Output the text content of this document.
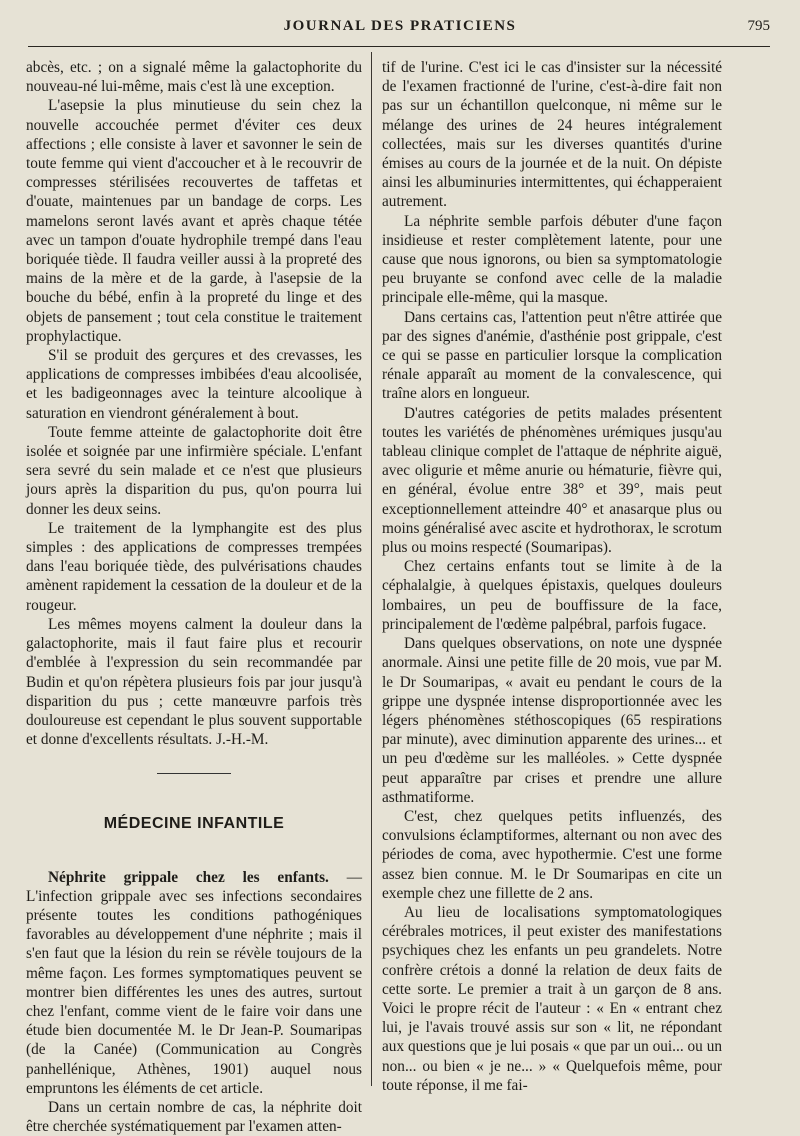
JOURNAL DES PRATICIENS	795

abcès, etc. ; on a signalé même la galactophorite du nouveau-né lui-même, mais c'est là une exception.

L'asepsie la plus minutieuse du sein chez la nouvelle accouchée permet d'éviter ces deux affections ; elle consiste à laver et savonner le sein de toute femme qui vient d'accoucher et à le recouvrir de compresses stérilisées recouvertes de taffetas et d'ouate, maintenues par un bandage de corps. Les mamelons seront lavés avant et après chaque tétée avec un tampon d'ouate hydrophile trempé dans l'eau boriquée tiède. Il faudra veiller aussi à la propreté des mains de la mère et de la garde, à l'asepsie de la bouche du bébé, enfin à la propreté du linge et des objets de pansement ; tout cela constitue le traitement prophylactique.

S'il se produit des gerçures et des crevasses, les applications de compresses imbibées d'eau alcoolisée, et les badigeonnages avec la teinture alcoolique à saturation en viendront généralement à bout.

Toute femme atteinte de galactophorite doit être isolée et soignée par une infirmière spéciale. L'enfant sera sevré du sein malade et ce n'est que plusieurs jours après la disparition du pus, qu'on pourra lui donner les deux seins.

Le traitement de la lymphangite est des plus simples : des applications de compresses trempées dans l'eau boriquée tiède, des pulvérisations chaudes amènent rapidement la cessation de la douleur et de la rougeur.

Les mêmes moyens calment la douleur dans la galactophorite, mais il faut faire plus et recourir d'emblée à l'expression du sein recommandée par Budin et qu'on répètera plusieurs fois par jour jusqu'à disparition du pus ; cette manœuvre parfois très douloureuse est cependant le plus souvent supportable et donne d'excellents résultats. J.-H.-M.

MÉDECINE INFANTILE

Néphrite grippale chez les enfants. — L'infection grippale avec ses infections secondaires présente toutes les conditions pathogéniques favorables au développement d'une néphrite ; mais il s'en faut que la lésion du rein se révèle toujours de la même façon. Les formes symptomatiques peuvent se montrer bien différentes les unes des autres, surtout chez l'enfant, comme vient de le faire voir dans une étude bien documentée M. le Dr Jean-P. Soumaripas (de la Canée) (Communication au Congrès panhellénique, Athènes, 1901) auquel nous empruntons les éléments de cet article.

Dans un certain nombre de cas, la néphrite doit être cherchée systématiquement par l'examen atten-

tif de l'urine. C'est ici le cas d'insister sur la nécessité de l'examen fractionné de l'urine, c'est-à-dire fait non pas sur un échantillon quelconque, ni même sur le mélange des urines de 24 heures intégralement collectées, mais sur les diverses quantités d'urine émises au cours de la journée et de la nuit. On dépiste ainsi les albuminuries intermittentes, qui échapperaient autrement.

La néphrite semble parfois débuter d'une façon insidieuse et rester complètement latente, pour une cause que nous ignorons, ou bien sa symptomatologie peu bruyante se confond avec celle de la maladie principale elle-même, qui la masque.

Dans certains cas, l'attention peut n'être attirée que par des signes d'anémie, d'asthénie post grippale, c'est ce qui se passe en particulier lorsque la complication rénale apparaît au moment de la convalescence, qui traîne alors en longueur.

D'autres catégories de petits malades présentent toutes les variétés de phénomènes urémiques jusqu'au tableau clinique complet de l'attaque de néphrite aiguë, avec oligurie et même anurie ou hématurie, fièvre qui, en général, évolue entre 38° et 39°, mais peut exceptionnellement atteindre 40° et anasarque plus ou moins généralisé avec ascite et hydrothorax, le scrotum plus ou moins respecté (Soumaripas).

Chez certains enfants tout se limite à de la céphalalgie, à quelques épistaxis, quelques douleurs lombaires, un peu de bouffissure de la face, principalement de l'œdème palpébral, parfois fugace.

Dans quelques observations, on note une dyspnée anormale. Ainsi une petite fille de 20 mois, vue par M. le Dr Soumaripas, « avait eu pendant le cours de la grippe une dyspnée intense disproportionnée avec les légers phénomènes stéthoscopiques (65 respirations par minute), avec diminution apparente des urines... et un peu d'œdème sur les malléoles. » Cette dyspnée peut apparaître par crises et prendre une allure asthmatiforme.

C'est, chez quelques petits influenzés, des convulsions éclamptiformes, alternant ou non avec des périodes de coma, avec hypothermie. C'est une forme assez bien connue. M. le Dr Soumaripas en cite un exemple chez une fillette de 2 ans.

Au lieu de localisations symptomatologiques cérébrales motrices, il peut exister des manifestations psychiques chez les enfants un peu grandelets. Notre confrère crétois a donné la relation de deux faits de cette sorte. Le premier a trait à un garçon de 8 ans. Voici le propre récit de l'auteur : « En « entrant chez lui, je l'avais trouvé assis sur son « lit, ne répondant aux questions que je lui posais « que par un oui... ou un non... ou bien « je ne... » « Quelquefois même, pour toute réponse, il me fai-
